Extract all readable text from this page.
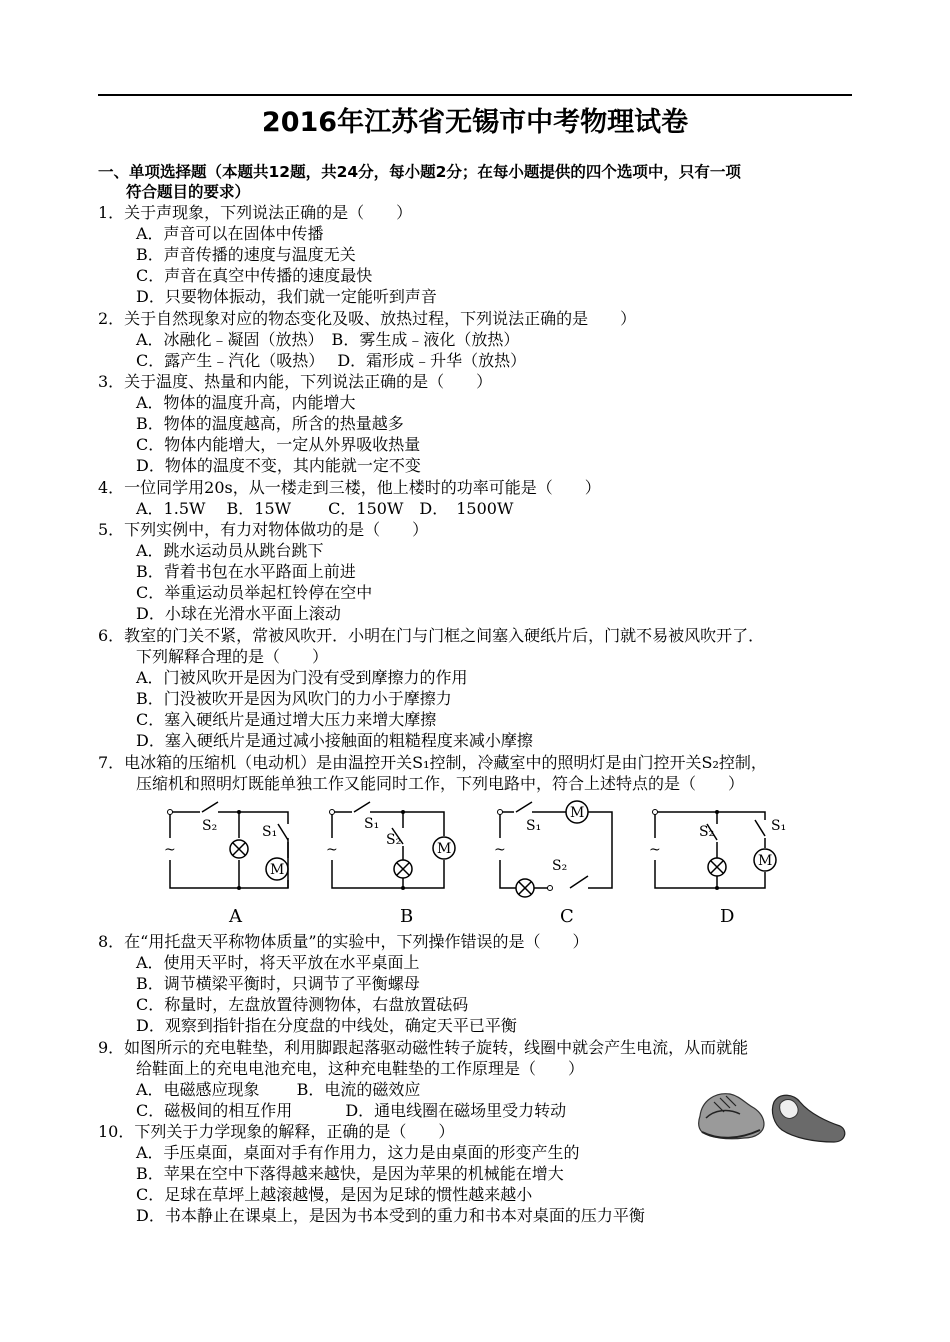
2016年江苏省无锡市中考物理试卷
一、单项选择题（本题共12题，共24分，每小题2分；在每小题提供的四个选项中，只有一项
符合题目的要求）
1．关于声现象，下列说法正确的是（　　）
A．声音可以在固体中传播
B．声音传播的速度与温度无关
C．声音在真空中传播的速度最快
D．只要物体振动，我们就一定能听到声音
2．关于自然现象对应的物态变化及吸、放热过程，下列说法正确的是　　）
A．冰融化﹣凝固（放热）　B．雾生成﹣液化（放热）
C．露产生﹣汽化（吸热）　 D．霜形成﹣升华（放热）
3．关于温度、热量和内能，下列说法正确的是（　　）
A．物体的温度升高，内能增大
B．物体的温度越高，所含的热量越多
C．物体内能增大，一定从外界吸收热量
D．物体的温度不变，其内能就一定不变
4．一位同学用20s，从一楼走到三楼，他上楼时的功率可能是（　　）
A．1.5W　 B．15W　　 C．150W　D．　1500W
5．下列实例中，有力对物体做功的是（　　）
A．跳水运动员从跳台跳下
B．背着书包在水平路面上前进
C．举重运动员举起杠铃停在空中
D．小球在光滑水平面上滚动
6．教室的门关不紧，常被风吹开．小明在门与门框之间塞入硬纸片后，门就不易被风吹开了．
下列解释合理的是（　　）
A．门被风吹开是因为门没有受到摩擦力的作用
B．门没被吹开是因为风吹门的力小于摩擦力
C．塞入硬纸片是通过增大压力来增大摩擦
D．塞入硬纸片是通过减小接触面的粗糙程度来减小摩擦
7．电冰箱的压缩机（电动机）是由温控开关S₁控制，冷藏室中的照明灯是由门控开关S₂控制，
压缩机和照明灯既能单独工作又能同时工作，下列电路中，符合上述特点的是（　　）
S₂	S₁
M
~
A
S₁
S₂
M
~
B
M
S₁
S₂
~
C
S₂	S₁
M
~
D
8．在“用托盘天平称物体质量”的实验中，下列操作错误的是（　　）
A．使用天平时，将天平放在水平桌面上
B．调节横梁平衡时，只调节了平衡螺母
C．称量时，左盘放置待测物体，右盘放置砝码
D．观察到指针指在分度盘的中线处，确定天平已平衡
9．如图所示的充电鞋垫，利用脚跟起落驱动磁性转子旋转，线圈中就会产生电流，从而就能
给鞋面上的充电电池充电，这种充电鞋垫的工作原理是（　　）
A．电磁感应现象　　 B．电流的磁效应
C．磁极间的相互作用　　　 D．通电线圈在磁场里受力转动
10．下列关于力学现象的解释，正确的是（　　）
A．手压桌面，桌面对手有作用力，这力是由桌面的形变产生的
B．苹果在空中下落得越来越快，是因为苹果的机械能在增大
C．足球在草坪上越滚越慢，是因为足球的惯性越来越小
D．书本静止在课桌上，是因为书本受到的重力和书本对桌面的压力平衡
